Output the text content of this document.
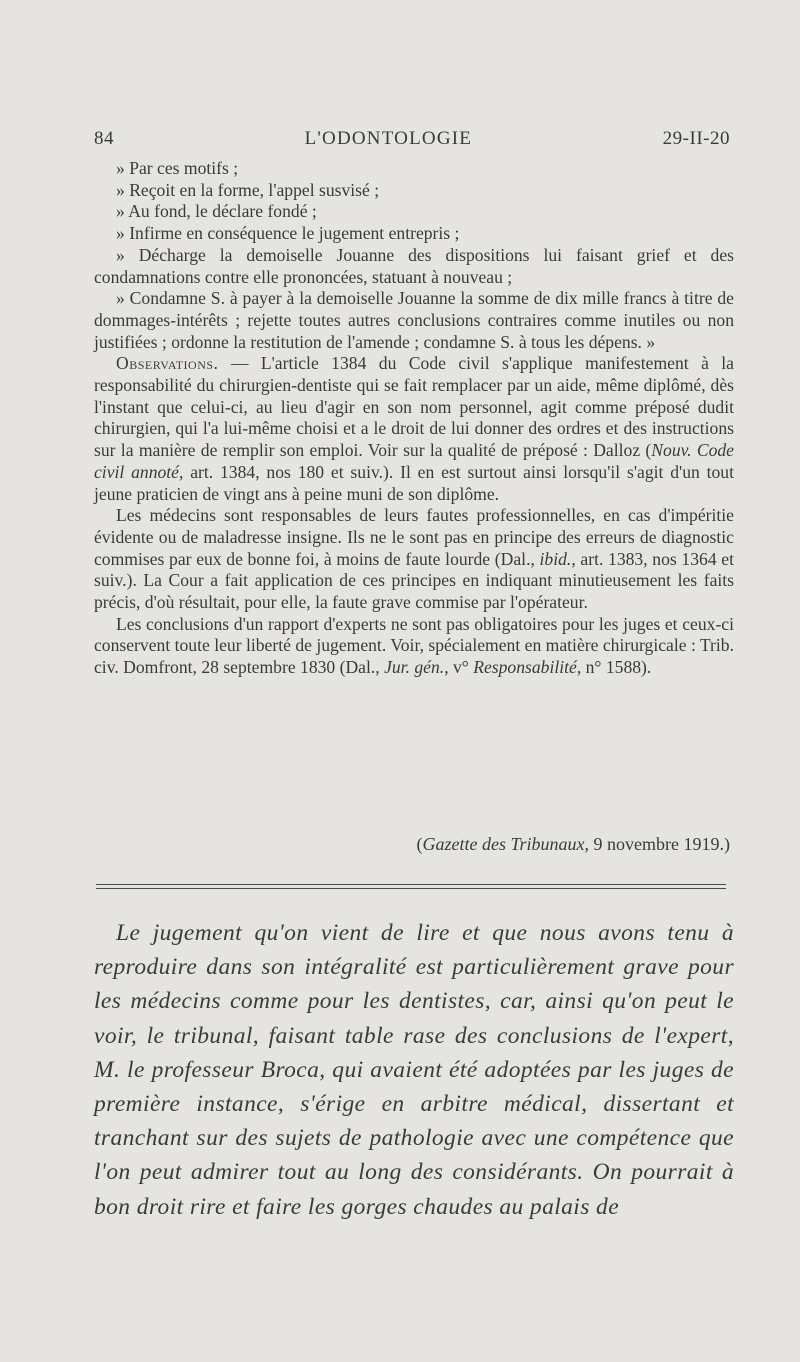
84	L'ODONTOLOGIE	29-II-20

» Par ces motifs ;

» Reçoit en la forme, l'appel susvisé ;

» Au fond, le déclare fondé ;

» Infirme en conséquence le jugement entrepris ;

» Décharge la demoiselle Jouanne des dispositions lui faisant grief et des condamnations contre elle prononcées, statuant à nouveau ;

» Condamne S. à payer à la demoiselle Jouanne la somme de dix mille francs à titre de dommages-intérêts ; rejette toutes autres conclusions contraires comme inutiles ou non justifiées ; ordonne la restitution de l'amende ; condamne S. à tous les dépens. »

Observations. — L'article 1384 du Code civil s'applique manifestement à la responsabilité du chirurgien-dentiste qui se fait remplacer par un aide, même diplômé, dès l'instant que celui-ci, au lieu d'agir en son nom personnel, agit comme préposé dudit chirurgien, qui l'a lui-même choisi et a le droit de lui donner des ordres et des instructions sur la manière de remplir son emploi. Voir sur la qualité de préposé : Dalloz (Nouv. Code civil annoté, art. 1384, nos 180 et suiv.). Il en est surtout ainsi lorsqu'il s'agit d'un tout jeune praticien de vingt ans à peine muni de son diplôme.

Les médecins sont responsables de leurs fautes professionnelles, en cas d'impéritie évidente ou de maladresse insigne. Ils ne le sont pas en principe des erreurs de diagnostic commises par eux de bonne foi, à moins de faute lourde (Dal., ibid., art. 1383, nos 1364 et suiv.). La Cour a fait application de ces principes en indiquant minutieusement les faits précis, d'où résultait, pour elle, la faute grave commise par l'opérateur.

Les conclusions d'un rapport d'experts ne sont pas obligatoires pour les juges et ceux-ci conservent toute leur liberté de jugement. Voir, spécialement en matière chirurgicale : Trib. civ. Domfront, 28 septembre 1830 (Dal., Jur. gén., v° Responsabilité, n° 1588).

(Gazette des Tribunaux, 9 novembre 1919.)

Le jugement qu'on vient de lire et que nous avons tenu à reproduire dans son intégralité est particulièrement grave pour les médecins comme pour les dentistes, car, ainsi qu'on peut le voir, le tribunal, faisant table rase des conclusions de l'expert, M. le professeur Broca, qui avaient été adoptées par les juges de première instance, s'érige en arbitre médical, dissertant et tranchant sur des sujets de pathologie avec une compétence que l'on peut admirer tout au long des considérants. On pourrait à bon droit rire et faire les gorges chaudes au palais de
